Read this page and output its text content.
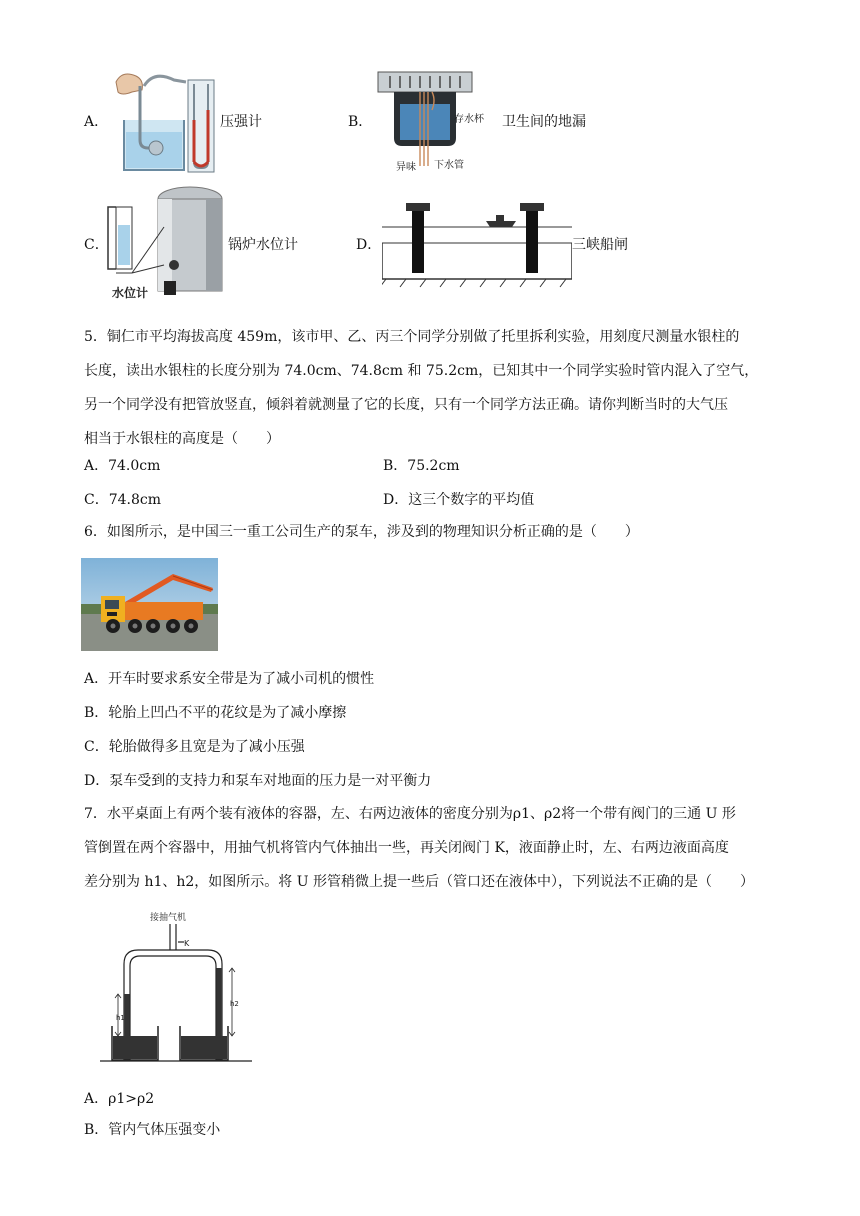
A．	压强计	B．	存水杯
异味 下水管
卫生间的地漏
C．
水位计
锅炉水位计	D．	三峡船闸
5．铜仁市平均海拔高度 459m，该市甲、乙、丙三个同学分别做了托里拆利实验，用刻度尺测量水银柱的
长度，读出水银柱的长度分别为 74.0cm、74.8cm 和 75.2cm，已知其中一个同学实验时管内混入了空气，
另一个同学没有把管放竖直，倾斜着就测量了它的长度，只有一个同学方法正确。请你判断当时的大气压
相当于水银柱的高度是（　　）
A．74.0cm	B．75.2cm
C．74.8cm	D．这三个数字的平均值
6．如图所示，是中国三一重工公司生产的泵车，涉及到的物理知识分析正确的是（　　）
A．开车时要求系安全带是为了减小司机的惯性
B．轮胎上凹凸不平的花纹是为了减小摩擦
C．轮胎做得多且宽是为了减小压强
D．泵车受到的支持力和泵车对地面的压力是一对平衡力
7．水平桌面上有两个装有液体的容器，左、右两边液体的密度分别为ρ1、ρ2将一个带有阀门的三通 U 形
管倒置在两个容器中，用抽气机将管内气体抽出一些，再关闭阀门 K，液面静止时，左、右两边液面高度
差分别为 h1、h2，如图所示。将 U 形管稍微上提一些后（管口还在液体中），下列说法不正确的是（　　）
接抽气机
K
h1
h2
A．ρ1>ρ2
B．管内气体压强变小
